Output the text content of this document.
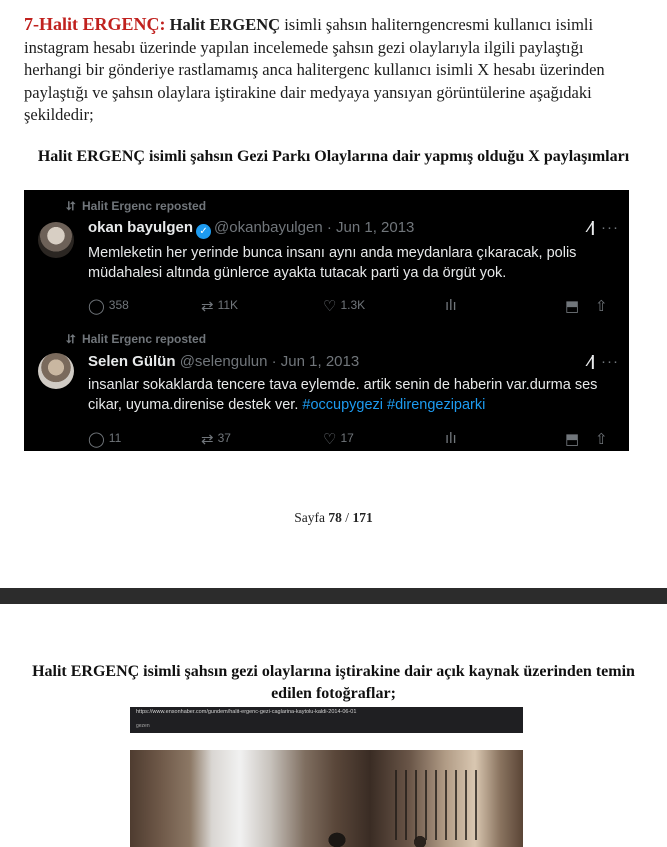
7-Halit ERGENÇ: Halit ERGENÇ isimli şahsın haliterngencresmi kullanıcı isimli instagram hesabı üzerinde yapılan incelemede şahsın gezi olaylarıyla ilgili paylaştığı herhangi bir gönderiye rastlamamış anca halitergenc kullanıcı isimli X hesabı üzerinden paylaştığı ve şahsın olaylara iştirakine dair medyaya yansıyan görüntülerine aşağıdaki şekildedir;
Halit ERGENÇ isimli şahsın Gezi Parkı Olaylarına dair yapmış olduğu X paylaşımları
⮃ Halit Ergenc reposted
okan bayulgen ✓ @okanbayulgen · Jun 1, 2013	⁄| ···
Memleketin her yerinde bunca insanı aynı anda meydanlara çıkaracak, polis müdahalesi altında günlerce ayakta tutacak parti ya da örgüt yok.
◯ 358	⇄ 11K	♡ 1.3K	ılı	⬒ ⇧
⮃ Halit Ergenc reposted
Selen Gülün @selengulun · Jun 1, 2013	⁄| ···
insanlar sokaklarda tencere tava eylemde. artik senin de haberin var.durma ses cikar, uyuma.direnise destek ver. #occupygezi #direngeziparki
◯ 11	⇄ 37	♡ 17	ılı	⬒ ⇧
Sayfa 78 / 171
Halit ERGENÇ isimli şahsın gezi olaylarına iştirakine dair açık kaynak üzerinden temin edilen fotoğraflar;
https://www.ensonhaber.com/gundem/halit-ergenc-gezi-caglarina-kaytolu-kaldi-2014-06-01
gezen
